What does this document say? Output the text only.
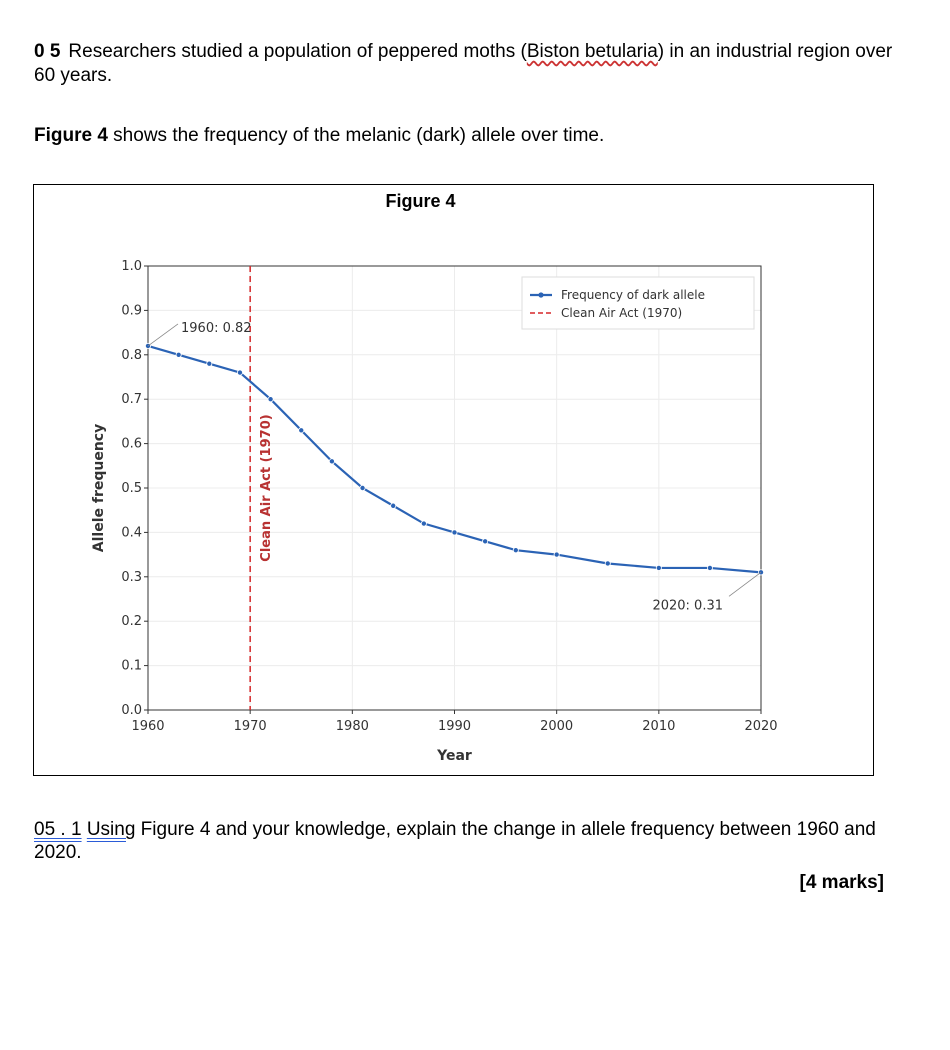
0 5 Researchers studied a population of peppered moths (Biston betularia) in an industrial region over 60 years.
Figure 4 shows the frequency of the melanic (dark) allele over time.
Figure 4
1960	1970	1980	1990	2000	2010	2020
0.0
0.1
0.2
0.3
0.4
0.5
0.6
0.7
0.8
0.9
1.0
Year
Allele frequency	Clean Air Act (1970)
1960: 0.82
2020: 0.31
Frequency of dark allele
Clean Air Act (1970)
05 . 1 Using Figure 4 and your knowledge, explain the change in allele frequency between 1960 and 2020.
[4 marks]
